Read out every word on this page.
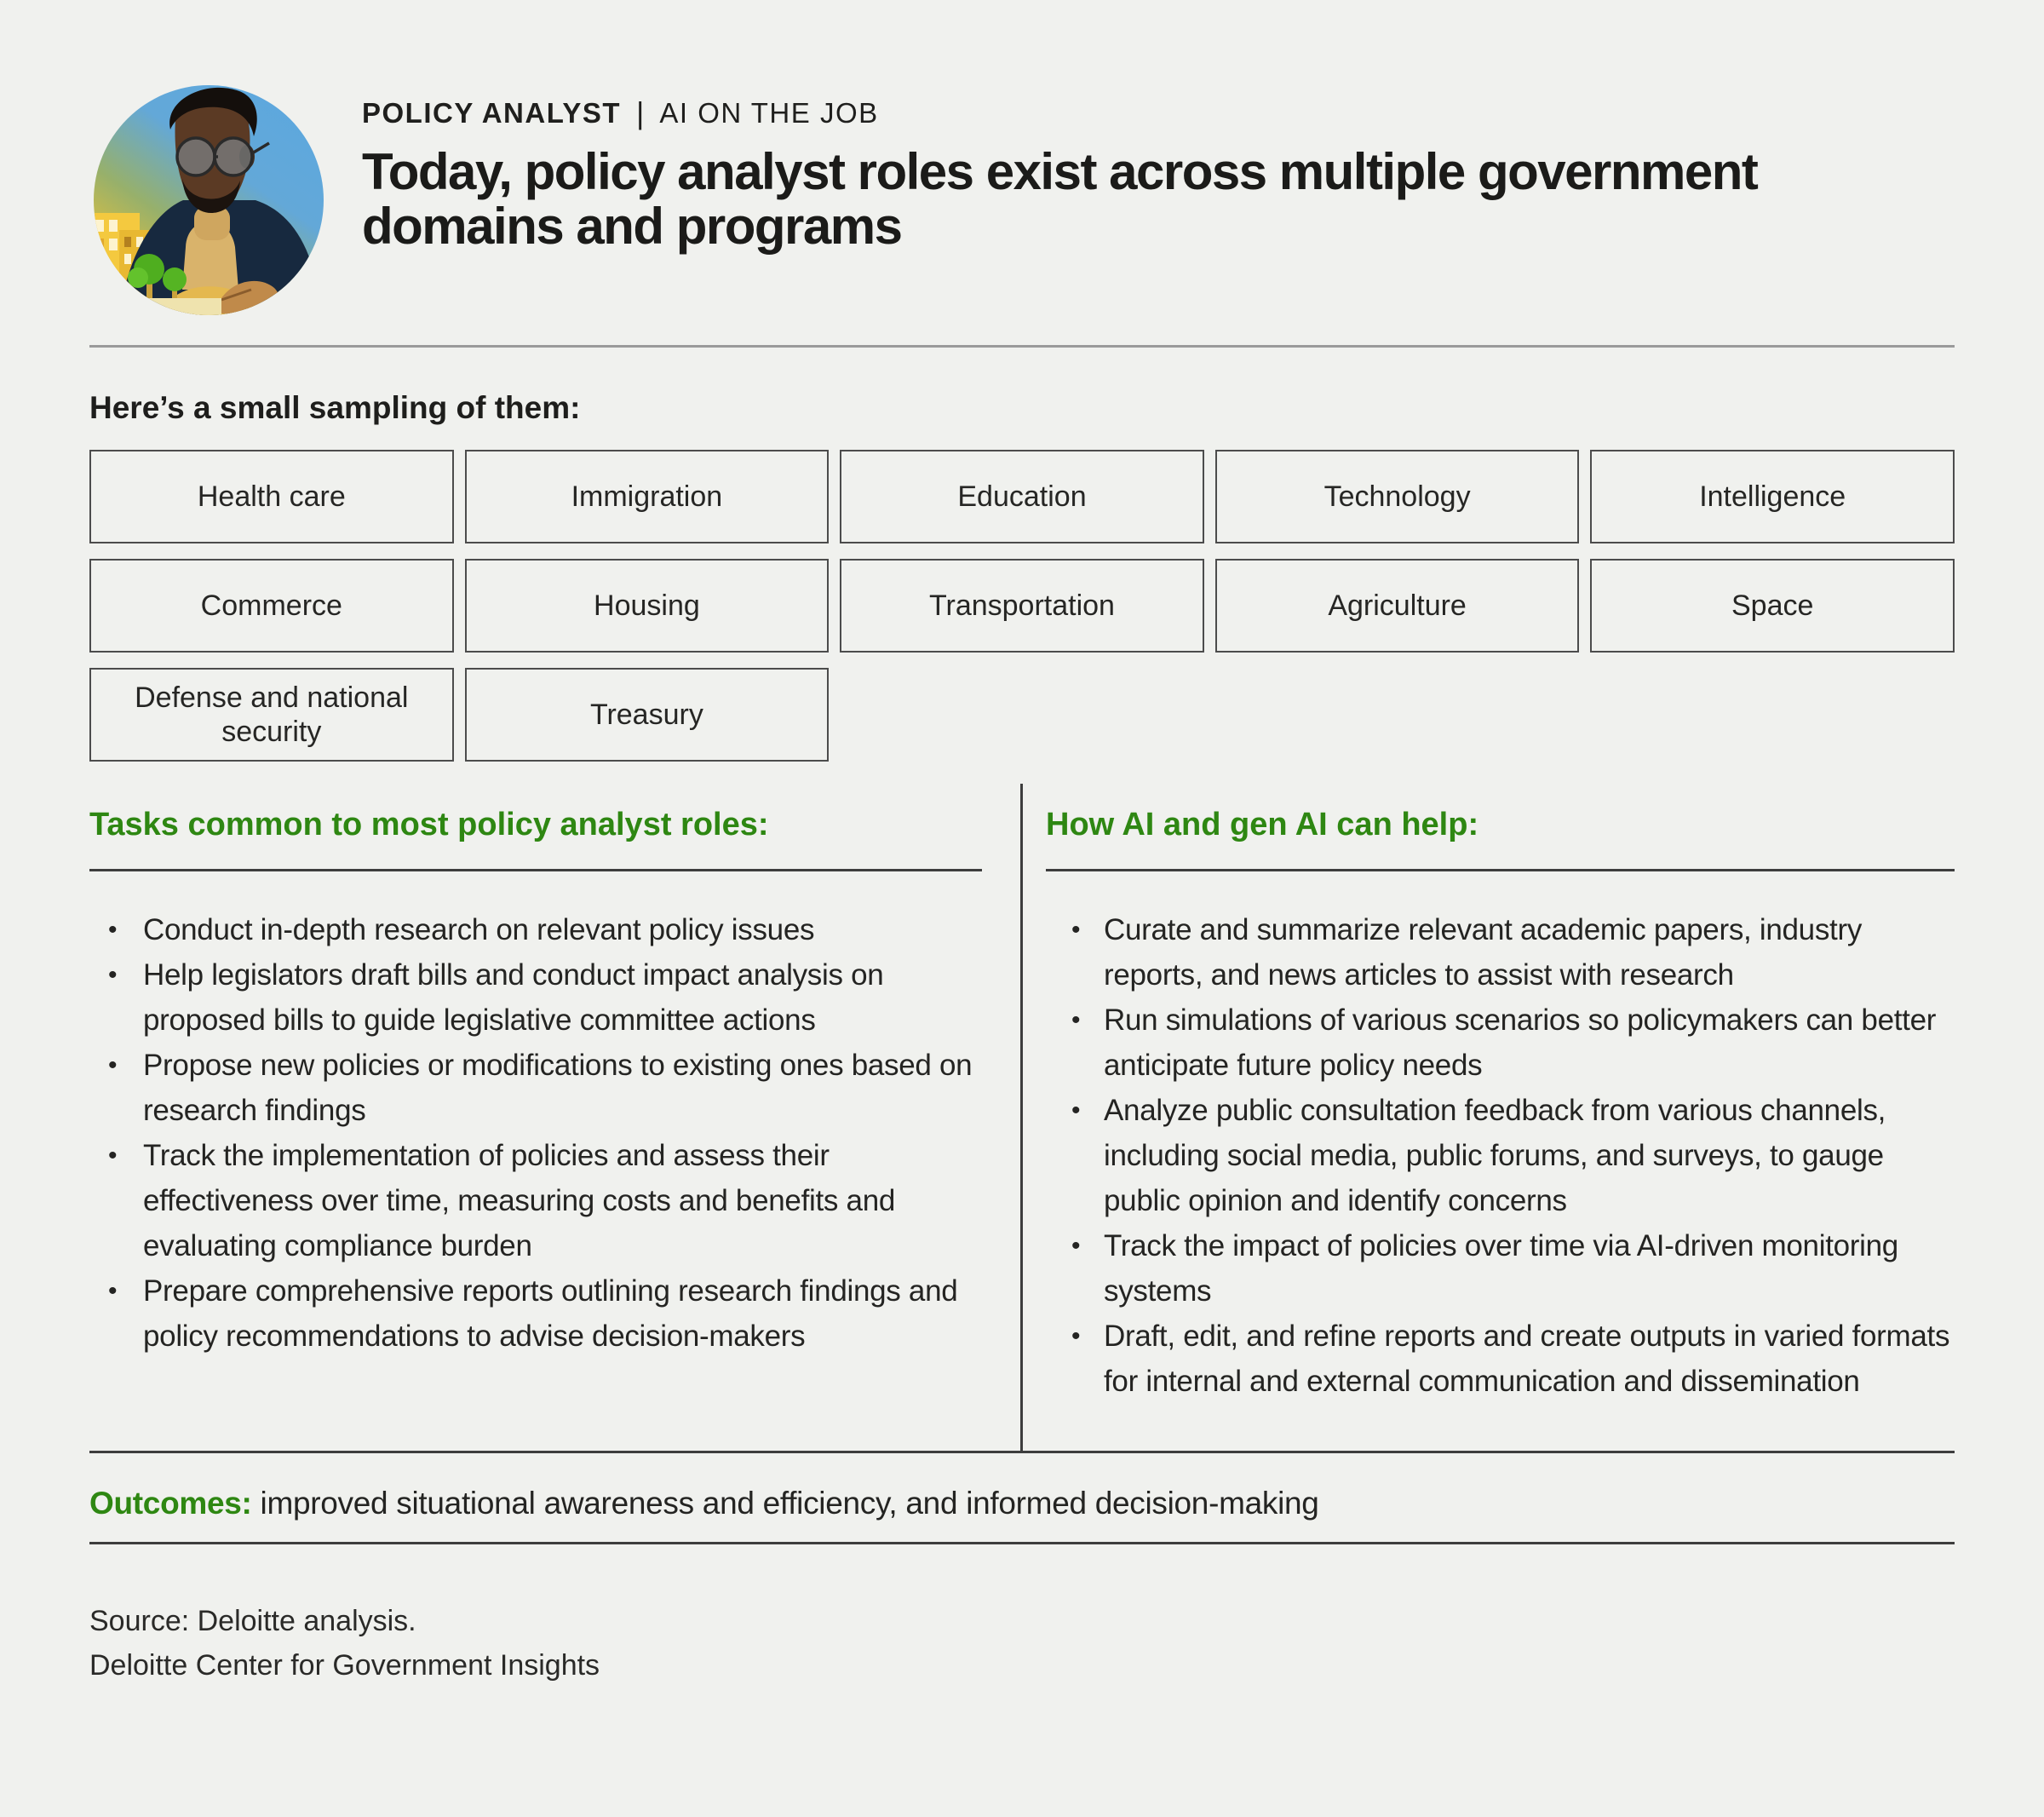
POLICY ANALYST | AI ON THE JOB
Today, policy analyst roles exist across multiple government domains and programs
Here’s a small sampling of them:
Health care	Immigration	Education	Technology	Intelligence
Commerce	Housing	Transportation	Agriculture	Space
Defense and national security
Treasury
Tasks common to most policy analyst roles:
• Conduct in-depth research on relevant policy issues
• Help legislators draft bills and conduct impact analysis on proposed bills to guide legislative committee actions
• Propose new policies or modifications to existing ones based on research findings
• Track the implementation of policies and assess their effectiveness over time, measuring costs and benefits and evaluating compliance burden
• Prepare comprehensive reports outlining research findings and policy recommendations to advise decision-makers
How AI and gen AI can help:
• Curate and summarize relevant academic papers, industry reports, and news articles to assist with research
• Run simulations of various scenarios so policymakers can better anticipate future policy needs
• Analyze public consultation feedback from various channels, including social media, public forums, and surveys, to gauge public opinion and identify concerns
• Track the impact of policies over time via AI-driven monitoring systems
• Draft, edit, and refine reports and create outputs in varied formats for internal and external communication and dissemination
Outcomes: improved situational awareness and efficiency, and informed decision-making
Source: Deloitte analysis.
Deloitte Center for Government Insights
